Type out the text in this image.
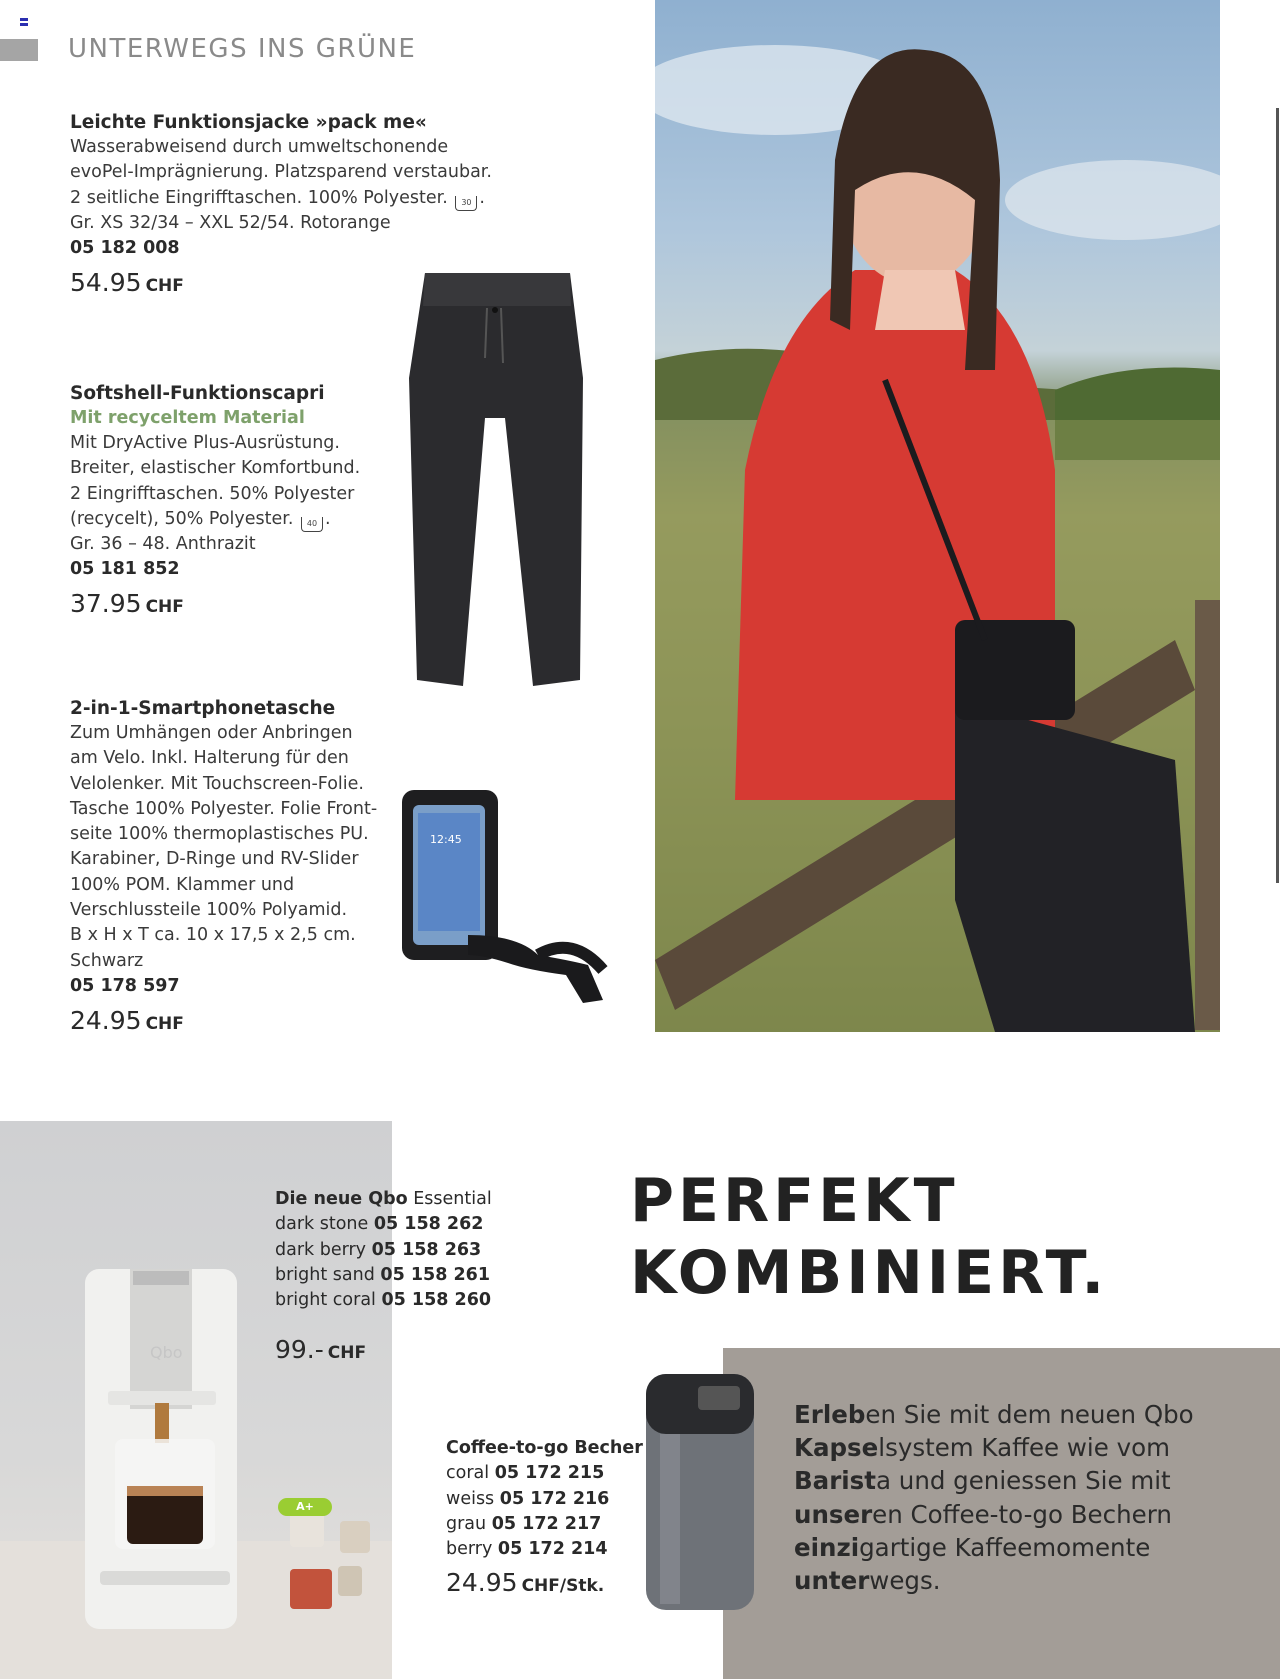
UNTERWEGS INS GRÜNE
Leichte Funktionsjacke »pack me«
Wasserabweisend durch umweltschonende
evoPel-Imprägnierung. Platzsparend verstaubar.
2 seitliche Eingrifftaschen. 100% Polyester. 30 .
Gr. XS 32/34 – XXL 52/54. Rotorange
05 182 008
54.95 CHF
Softshell-Funktionscapri
Mit recyceltem Material
Mit DryActive Plus-Ausrüstung.
Breiter, elastischer Komfortbund.
2 Eingrifftaschen. 50% Polyester
(recycelt), 50% Polyester. 40 .
Gr. 36 – 48. Anthrazit
05 181 852
37.95 CHF
2-in-1-Smartphonetasche
Zum Umhängen oder Anbringen
am Velo. Inkl. Halterung für den
Velolenker. Mit Touchscreen-Folie.
Tasche 100% Polyester. Folie Front-
seite 100% thermoplastisches PU.
Karabiner, D-Ringe und RV-Slider
100% POM. Klammer und
Verschlussteile 100% Polyamid.
B x H x T ca. 10 x 17,5 x 2,5 cm.
Schwarz
05 178 597
24.95 CHF
12:45
Qbo
A+
Die neue Qbo Essential
dark stone 05 158 262
dark berry 05 158 263
bright sand 05 158 261
bright coral 05 158 260
99.- CHF
PERFEKT
KOMBINIERT.
Coffee-to-go Becher
coral 05 172 215
weiss 05 172 216
grau 05 172 217
berry 05 172 214
24.95 CHF/Stk.
Erleben Sie mit dem neuen Qbo
Kapselsystem Kaffee wie vom
Barista und geniessen Sie mit
unseren Coffee-to-go Bechern
einzigartige Kaffeemomente
unterwegs.
